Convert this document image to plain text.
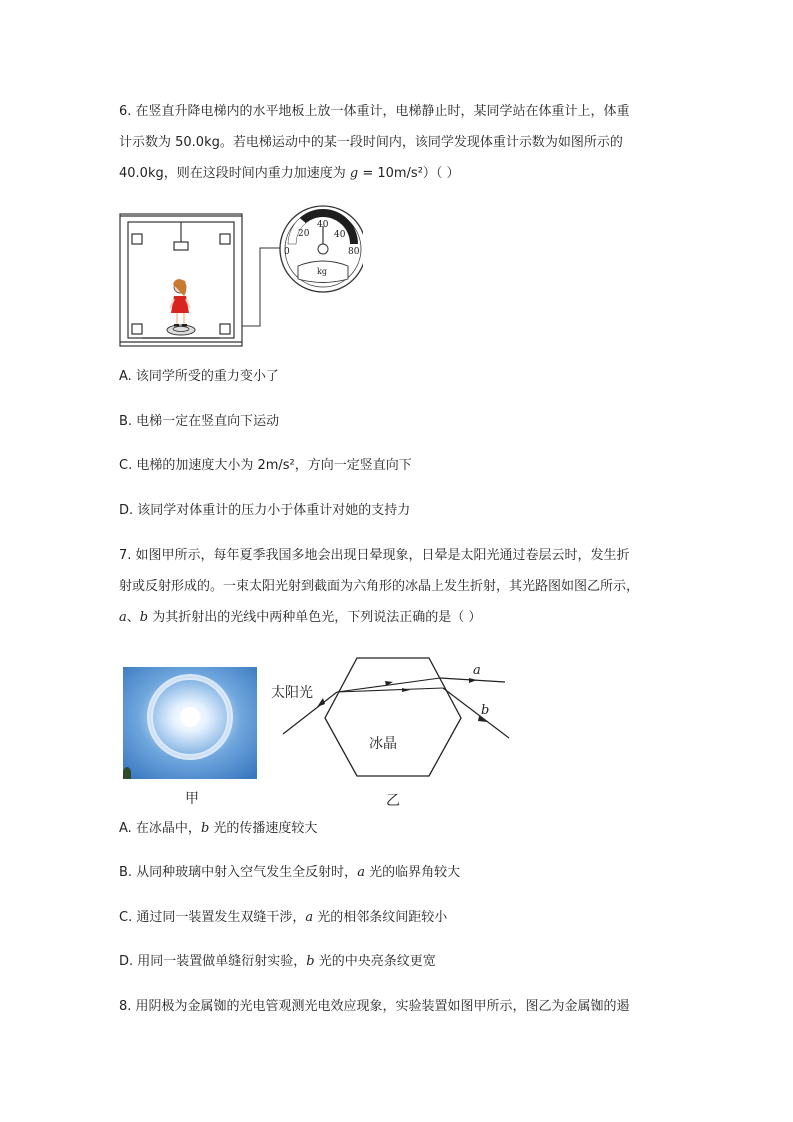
6. 在竖直升降电梯内的水平地板上放一体重计，电梯静止时，某同学站在体重计上，体重
计示数为 50.0kg。若电梯运动中的某一段时间内，该同学发现体重计示数为如图所示的
40.0kg，则在这段时间内重力加速度为 g = 10m/s²）（ ）
0
20
40
40
80
kg
A. 该同学所受的重力变小了
B. 电梯一定在竖直向下运动
C. 电梯的加速度大小为 2m/s²，方向一定竖直向下
D. 该同学对体重计的压力小于体重计对她的支持力
7. 如图甲所示，每年夏季我国多地会出现日晕现象，日晕是太阳光通过卷层云时，发生折
射或反射形成的。一束太阳光射到截面为六角形的冰晶上发生折射，其光路图如图乙所示，
a、b 为其折射出的光线中两种单色光，下列说法正确的是（ ）
甲
太阳光
冰晶
a
b
乙
A. 在冰晶中，b 光的传播速度较大
B. 从同种玻璃中射入空气发生全反射时，a 光的临界角较大
C. 通过同一装置发生双缝干涉，a 光的相邻条纹间距较小
D. 用同一装置做单缝衍射实验，b 光的中央亮条纹更宽
8. 用阴极为金属铷的光电管观测光电效应现象，实验装置如图甲所示，图乙为金属铷的遏
